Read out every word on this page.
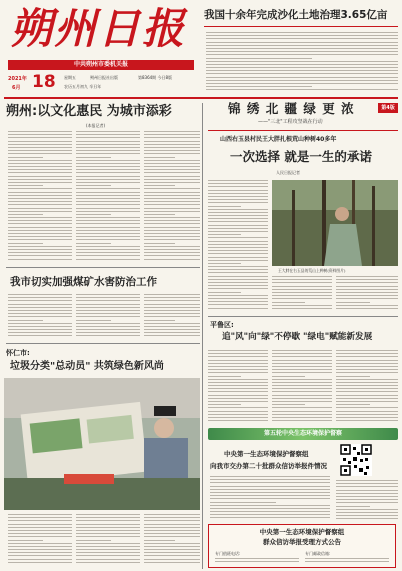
朔州日报
中共朔州市委机关报
2021年
6月 18 星期五	朔州日报社出版	第8364期 今日8版
农历五月初九 辛丑年
我国十余年完成沙化土地治理3.65亿亩
朔州:以文化惠民 为城市添彩
(本报记者)
我市切实加强煤矿水害防治工作
怀仁市:
垃圾分类"总动员" 共筑绿色新风尚
锦 绣 北 疆 绿 更 浓	第4版
——"三北"工程攻坚战在行动
山西右玉县村民王大胖扎根荒山种树40多年
一次选择 就是一生的承诺
人民日报记者
王大胖在右玉县的荒山上种树(资料图片)
平鲁区:
追"风"向"绿"不停歇 "绿电"赋能新发展
第五轮中央生态环境保护督察
中央第一生态环境保护督察组
向我市交办第二十批群众信访举报件情况
中央第一生态环境保护督察组
群众信访举报受理方式公告
专门值班电话:	专门邮政信箱:
